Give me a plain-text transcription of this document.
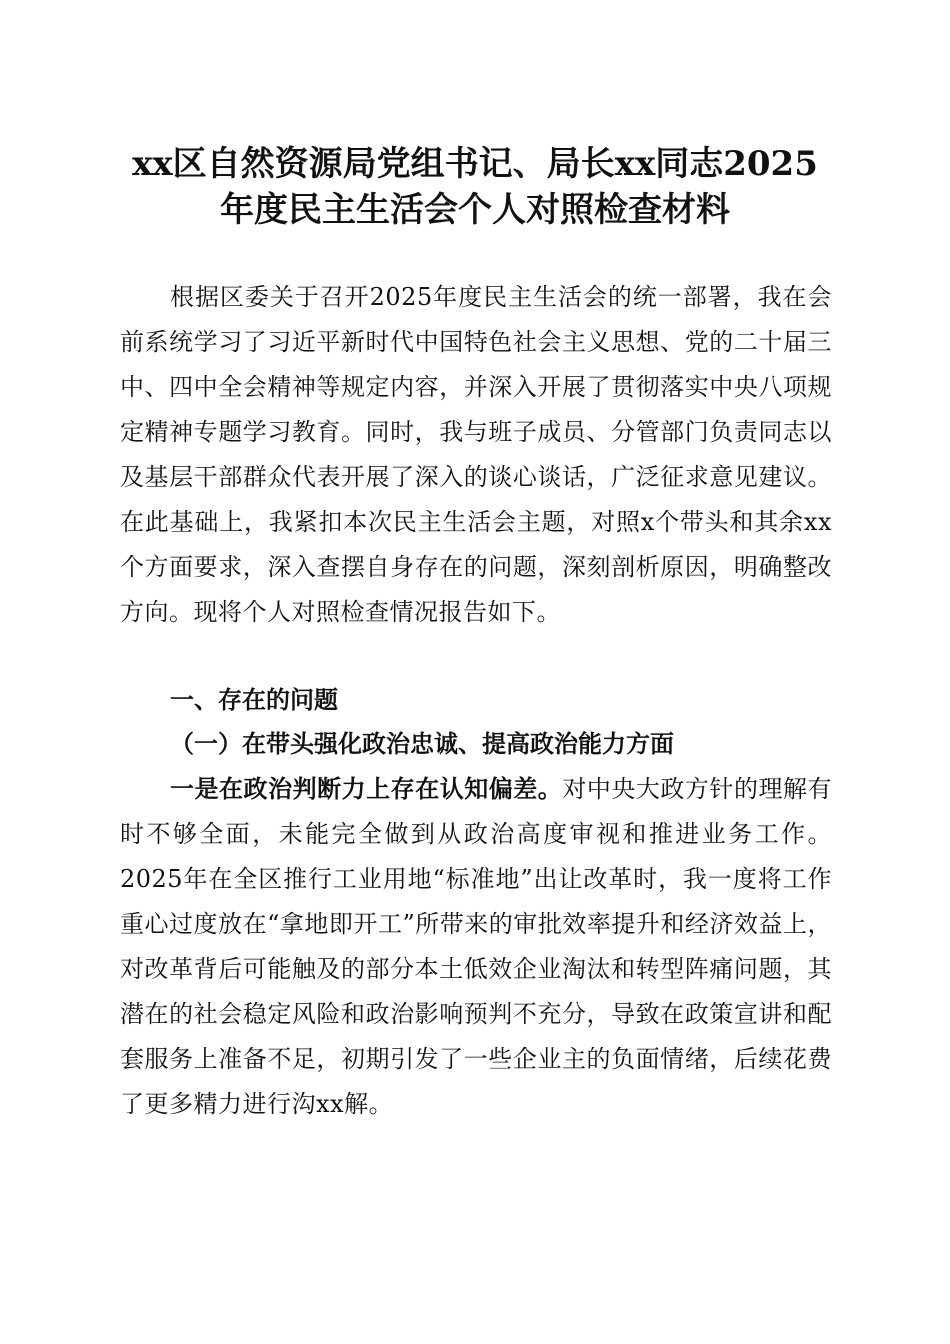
xx区自然资源局党组书记、局长xx同志2025
年度民主生活会个人对照检查材料

根据区委关于召开2025年度民主生活会的统一部署，我在会前系统学习了习近平新时代中国特色社会主义思想、党的二十届三中、四中全会精神等规定内容，并深入开展了贯彻落实中央八项规定精神专题学习教育。同时，我与班子成员、分管部门负责同志以及基层干部群众代表开展了深入的谈心谈话，广泛征求意见建议。在此基础上，我紧扣本次民主生活会主题，对照x个带头和其余xx个方面要求，深入查摆自身存在的问题，深刻剖析原因，明确整改方向。现将个人对照检查情况报告如下。

一、存在的问题
（一）在带头强化政治忠诚、提高政治能力方面

一是在政治判断力上存在认知偏差。对中央大政方针的理解有时不够全面，未能完全做到从政治高度审视和推进业务工作。2025年在全区推行工业用地“标准地”出让改革时，我一度将工作重心过度放在“拿地即开工”所带来的审批效率提升和经济效益上，对改革背后可能触及的部分本土低效企业淘汰和转型阵痛问题，其潜在的社会稳定风险和政治影响预判不充分，导致在政策宣讲和配套服务上准备不足，初期引发了一些企业主的负面情绪，后续花费了更多精力进行沟xx解。
